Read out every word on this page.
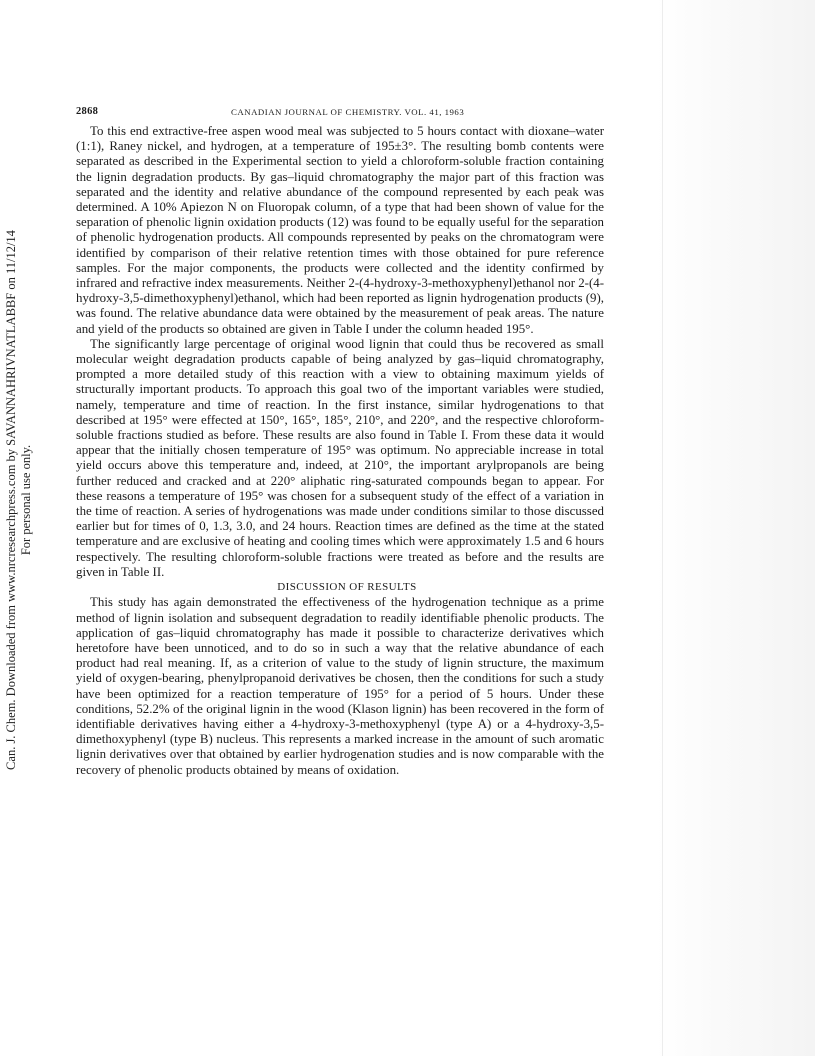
2868	CANADIAN JOURNAL OF CHEMISTRY. VOL. 41, 1963
Can. J. Chem. Downloaded from www.nrcresearchpress.com by SAVANNAHRIVNATLABBF on 11/12/14 For personal use only.

To this end extractive-free aspen wood meal was subjected to 5 hours contact with dioxane–water (1:1), Raney nickel, and hydrogen, at a temperature of 195±3°. The resulting bomb contents were separated as described in the Experimental section to yield a chloroform-soluble fraction containing the lignin degradation products. By gas–liquid chromatography the major part of this fraction was separated and the identity and relative abundance of the compound represented by each peak was determined. A 10% Apiezon N on Fluoropak column, of a type that had been shown of value for the separation of phenolic lignin oxidation products (12) was found to be equally useful for the separation of phenolic hydrogenation products. All compounds represented by peaks on the chromatogram were identified by comparison of their relative retention times with those obtained for pure reference samples. For the major components, the products were collected and the identity confirmed by infrared and refractive index measurements. Neither 2-(4-hydroxy-3-methoxyphenyl)ethanol nor 2-(4-hydroxy-3,5-dimethoxyphenyl)ethanol, which had been reported as lignin hydrogenation products (9), was found. The relative abundance data were obtained by the measurement of peak areas. The nature and yield of the products so obtained are given in Table I under the column headed 195°.

The significantly large percentage of original wood lignin that could thus be recovered as small molecular weight degradation products capable of being analyzed by gas–liquid chromatography, prompted a more detailed study of this reaction with a view to obtaining maximum yields of structurally important products. To approach this goal two of the important variables were studied, namely, temperature and time of reaction. In the first instance, similar hydrogenations to that described at 195° were effected at 150°, 165°, 185°, 210°, and 220°, and the respective chloroform-soluble fractions studied as before. These results are also found in Table I. From these data it would appear that the initially chosen temperature of 195° was optimum. No appreciable increase in total yield occurs above this temperature and, indeed, at 210°, the important arylpropanols are being further reduced and cracked and at 220° aliphatic ring-saturated compounds began to appear. For these reasons a temperature of 195° was chosen for a subsequent study of the effect of a variation in the time of reaction. A series of hydrogenations was made under conditions similar to those discussed earlier but for times of 0, 1.3, 3.0, and 24 hours. Reaction times are defined as the time at the stated temperature and are exclusive of heating and cooling times which were approximately 1.5 and 6 hours respectively. The resulting chloroform-soluble fractions were treated as before and the results are given in Table II.

DISCUSSION OF RESULTS

This study has again demonstrated the effectiveness of the hydrogenation technique as a prime method of lignin isolation and subsequent degradation to readily identifiable phenolic products. The application of gas–liquid chromatography has made it possible to characterize derivatives which heretofore have been unnoticed, and to do so in such a way that the relative abundance of each product had real meaning. If, as a criterion of value to the study of lignin structure, the maximum yield of oxygen-bearing, phenylpropanoid derivatives be chosen, then the conditions for such a study have been optimized for a reaction temperature of 195° for a period of 5 hours. Under these conditions, 52.2% of the original lignin in the wood (Klason lignin) has been recovered in the form of identifiable derivatives having either a 4-hydroxy-3-methoxyphenyl (type A) or a 4-hydroxy-3,5-dimethoxyphenyl (type B) nucleus. This represents a marked increase in the amount of such aromatic lignin derivatives over that obtained by earlier hydrogenation studies and is now comparable with the recovery of phenolic products obtained by means of oxidation.
